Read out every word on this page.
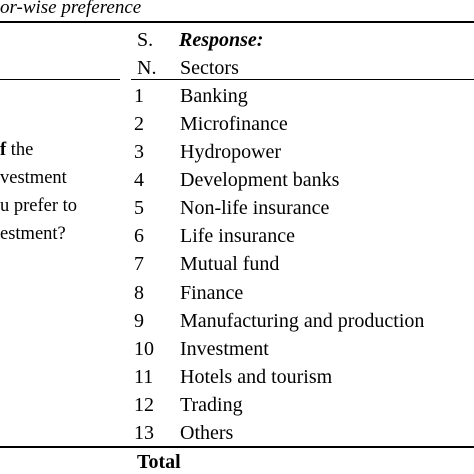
or-wise preference
S. Response:
N. Sectors
f the
vestment
u prefer to
estment?
1 Banking
2 Microfinance
3 Hydropower
4 Development banks
5 Non-life insurance
6 Life insurance
7 Mutual fund
8 Finance
9 Manufacturing and production
10 Investment
11 Hotels and tourism
12 Trading
13 Others
Total
